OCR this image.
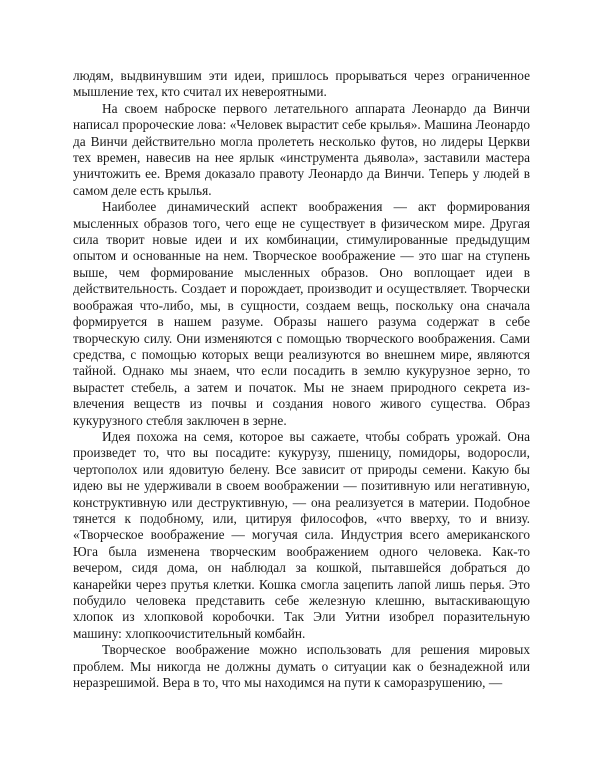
людям, выдвинувшим эти идеи, пришлось прорываться через ограниченное мышление тех, кто считал их невероятными.

На своем наброске первого летательного аппарата Леонардо да Винчи написал пророческие лова: «Человек вырастит себе крылья». Машина Леонардо да Винчи действительно могла пролететь несколько футов, но лидеры Церкви тех времен, навесив на нее ярлык «инструмента дьявола», заставили мастера уничтожить ее. Время доказало правоту Леонардо да Винчи. Теперь у людей в самом деле есть крылья.

Наиболее динамический аспект воображения — акт формирования мысленных образов того, чего еще не существует в физическом мире. Другая сила творит новые идеи и их комбинации, стимулированные предыдущим опытом и основанные на нем. Творческое воображение — это шаг на ступень выше, чем формирование мысленных образов. Оно воплощает идеи в действительность. Создает и порождает, производит и осуществляет. Творчески воображая что-либо, мы, в сущности, создаем вещь, поскольку она сначала формируется в нашем разуме. Образы нашего разума содержат в себе творческую силу. Они изменяются с помощью творческого воображения. Сами средства, с помощью которых вещи реализуются во внешнем мире, являются тайной. Однако мы знаем, что если посадить в землю кукурузное зерно, то вырастет стебель, а затем и початок. Мы не знаем природного секрета из-влечения веществ из почвы и создания нового живого существа. Образ кукурузного стебля заключен в зерне.

Идея похожа на семя, которое вы сажаете, чтобы собрать урожай. Она произведет то, что вы посадите: кукурузу, пшеницу, помидоры, водоросли, чертополох или ядовитую белену. Все зависит от природы семени. Какую бы идею вы не удерживали в своем воображении — позитивную или негативную, конструктивную или деструктивную, — она реализуется в материи. Подобное тянется к подобному, или, цитируя философов, «что вверху, то и внизу. «Творческое воображение — могучая сила. Индустрия всего американского Юга была изменена творческим воображением одного человека. Как-то вечером, сидя дома, он наблюдал за кошкой, пытавшейся добраться до канарейки через прутья клетки. Кошка смогла зацепить лапой лишь перья. Это побудило человека представить себе железную клешню, вытаскивающую хлопок из хлопковой коробочки. Так Эли Уитни изобрел поразительную машину: хлопкоочистительный комбайн.

Творческое воображение можно использовать для решения мировых проблем. Мы никогда не должны думать о ситуации как о безнадежной или неразрешимой. Вера в то, что мы находимся на пути к саморазрушению, —
